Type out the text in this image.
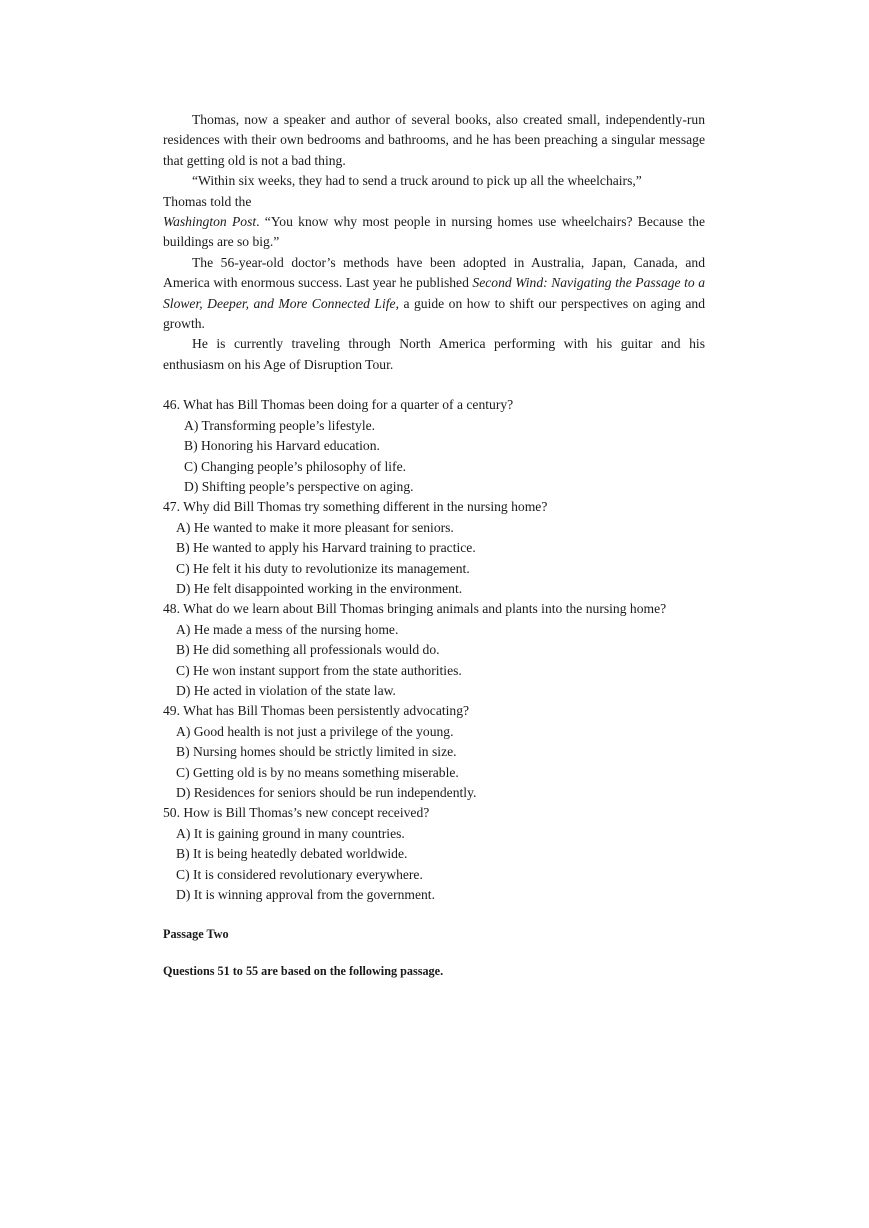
Thomas, now a speaker and author of several books, also created small, independently-run residences with their own bedrooms and bathrooms, and he has been preaching a singular message that getting old is not a bad thing.

“Within six weeks, they had to send a truck around to pick up all the wheelchairs,”

Thomas told the

Washington Post. “You know why most people in nursing homes use wheelchairs? Because the buildings are so big.”

The 56-year-old doctor’s methods have been adopted in Australia, Japan, Canada, and America with enormous success. Last year he published Second Wind: Navigating the Passage to a Slower, Deeper, and More Connected Life, a guide on how to shift our perspectives on aging and growth.

He is currently traveling through North America performing with his guitar and his enthusiasm on his Age of Disruption Tour.

46. What has Bill Thomas been doing for a quarter of a century?

A) Transforming people’s lifestyle.

B) Honoring his Harvard education.

C) Changing people’s philosophy of life.

D) Shifting people’s perspective on aging.

47. Why did Bill Thomas try something different in the nursing home?

A) He wanted to make it more pleasant for seniors.

B) He wanted to apply his Harvard training to practice.

C) He felt it his duty to revolutionize its management.

D) He felt disappointed working in the environment.

48. What do we learn about Bill Thomas bringing animals and plants into the nursing home?

A) He made a mess of the nursing home.

B) He did something all professionals would do.

C) He won instant support from the state authorities.

D) He acted in violation of the state law.

49. What has Bill Thomas been persistently advocating?

A) Good health is not just a privilege of the young.

B) Nursing homes should be strictly limited in size.

C) Getting old is by no means something miserable.

D) Residences for seniors should be run independently.

50. How is Bill Thomas’s new concept received?

A) It is gaining ground in many countries.

B) It is being heatedly debated worldwide.

C) It is considered revolutionary everywhere.

D) It is winning approval from the government.

Passage Two

Questions 51 to 55 are based on the following passage.
